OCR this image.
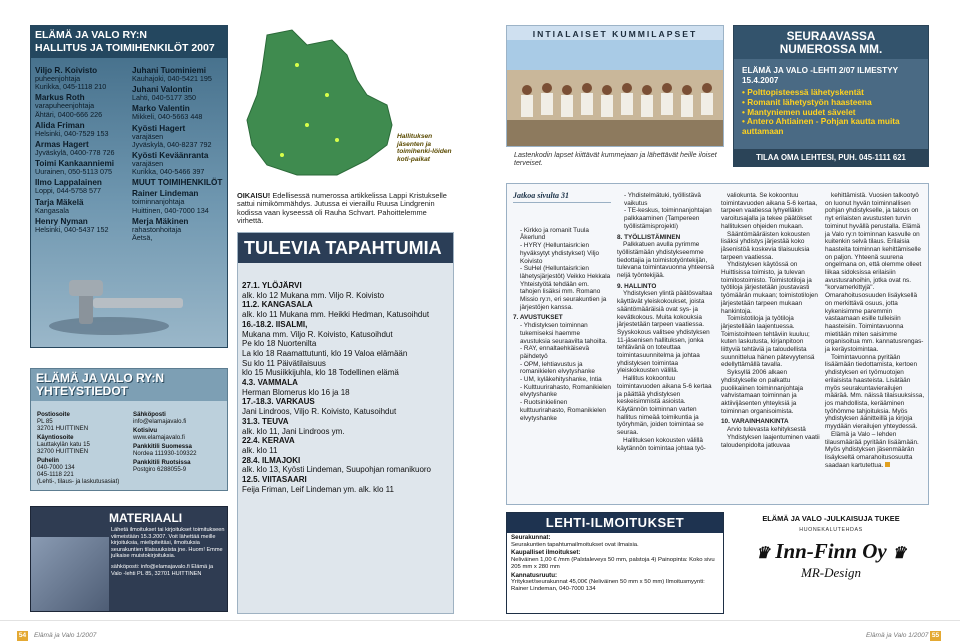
ELÄMÄ JA VALO RY:N
HALLITUS JA TOIMIHENKILÖT 2007
Viljo R. Koivisto
puheenjohtaja
Kurikka, 045-1118 210
Markus Roth
varapuheenjohtaja
Ähtäri, 0400-666 226
Alida Friman
Helsinki, 040-7529 153
Armas Hagert
Jyväskylä, 0400-778 726
Toimi Kankaanniemi
Uurainen, 050-5113 075
Ilmo Lappalainen
Loppi, 044-5758 577
Tarja Mäkelä
Kangasala
Henry Nyman
Helsinki, 040-5437 152
Juhani Tuominiemi
Kauhajoki, 040-5421 195
Juhani Valontin
Lahti, 040-5177 350
Marko Valentin
Mikkeli, 040-5663 448
Kyösti Hagert
varajäsen
Jyväskylä, 040-8237 792
Kyösti Keväänranta
varajäsen
Kurikka, 040-5466 397
MUUT TOIMIHENKILÖT
Rainer Lindeman
toiminnanjohtaja
Huittinen, 040-7000 134
Merja Mäkinen
rahastonhoitaja
Äetsä,
ELÄMÄ JA VALO RY:N
YHTEYSTIEDOT
Postiosoite
PL 85
32701 HUITTINEN
Käyntiosoite
Lauttakylän katu 15
32700 HUITTINEN
Puhelin
040-7000 134
045-1118 221
(Lehti-, tilaus- ja laskutusasiat)
Sähköposti
info@elamajavalo.fi
Kotisivu
www.elamajavalo.fi
Pankkitili Suomessa
Nordea 111930-109322
Pankkitili Ruotsissa
Postgiro 6288055-9
MATERIAALI
Lähetä ilmoitukset tai kirjoitukset toimitukseen viimeistään 15.3.2007. Voit lähettää meille kirjoituksia, mielipiteitäsi, ilmoituksia seurakuntien tilaisuuksista jne. Huom! Emme julkaise muistokirjoituksia.
sähköposti: info@elamajavalo.fi Elämä ja Valo -lehti PL 85, 32701 HUITTINEN
Hallituksen jäsenten ja toimihenki-löiden koti-paikat
OIKAISU! Edellisessä numerossa artikkelissa Lappi Kristukselle sattui nimikömmähdys. Jutussa ei vieraillu Ruusa Lindgrenin kodissa vaan kyseessä oli Rauha Schvart. Pahoittelemme virhettä.
TULEVIA TAPAHTUMIA
27.1. YLÖJÄRVI
alk. klo 12 Mukana mm. Viljo R. Koivisto
11.2. KANGASALA
alk. klo 11 Mukana mm. Heikki Hedman, Katusoihdut
16.-18.2. IISALMI,
Mukana mm. Viljo R. Koivisto, Katusoihdut
Pe klo 18 Nuortenilta
La klo 18 Raamattutunti, klo 19 Valoa elämään
Su klo 11 Päivätilaisuus
klo 15 Musiikkijuhla, klo 18 Todellinen elämä
4.3. VAMMALA
Herman Blomerus klo 16 ja 18
17.-18.3. VARKAUS
Jani Lindroos, Viljo R. Koivisto, Katusoihdut
31.3. TEUVA
alk. klo 11, Jani Lindroos ym.
22.4. KERAVA
alk. klo 11
28.4. ILMAJOKI
alk. klo 13, Kyösti Lindeman, Suupohjan romanikuoro
12.5. VIITASAARI
Feija Friman, Leif Lindeman ym. alk. klo 11
INTIALAISET KUMMILAPSET
Lastenkodin lapset kiittävät kummejaan ja lähettävät heille iloiset terveiset.
SEURAAVASSA
NUMEROSSA MM.
ELÄMÄ JA VALO -LEHTI 2/07 ILMESTYY 15.4.2007
• Polttopisteessä lähetyskentät
• Romanit lähetystyön haasteena
• Mantyniemen uudet sävelet
• Antero Ahtiainen - Pohjan kautta muita auttamaan
TILAA OMA LEHTESI, PUH. 045-1111 621
Jatkoa sivulta 31
- Kirkko ja romanit Tuula Åkerlund
- HYRY (Helluntaisrk:ien hyväksytyt yhdistykset) Viljo Koivisto
- SuHel (Helluntaisrk:ien lähetysjärjestöt) Veikko Hekkala
Yhteistyötä tehdään em. tahojen lisäksi mm. Romano Missio ry:n, eri seurakuntien ja järjestöjen kanssa.
7. AVUSTUKSET
- Yhdistyksen toiminnan tukemiseksi haemme avustuksia seuraavilta tahoilta.
- RAY, ennaltaehkäisevä päihdetyö
- OPM, lehtiavustus ja romanikielen elvytyshanke
- UM, kyläkehityshanke, Intia
- Kulttuurirahasto, Romanikielen elvytyshanke
- Ruotsinkielinen kulttuurirahasto, Romanikielen elvytyshanke
- Yhdistelmätuki, työllistävä vaikutus
- TE-keskus, toiminnanjohtajan palkkaaminen (Tampereen työllistämisprojekti)
8. TYÖLLISTÄMINEN
Palkkatuen avulla pyrimme työllistämään yhdistykseemme tiedottajia ja toimistotyöntekijän, tulevana toimintavuonna yhteensä neljä työntekijää.
9. HALLINTO
Yhdistyksen ylintä päätösvaltaa käyttävät yleiskokoukset, joista sääntömääräisiä ovat sys- ja kevätkokous. Muita kokouksia järjestetään tarpeen vaatiessa. Syyskokous valitsee yhdistyksen 11-jäsenisen hallituksen, jonka tehtävänä on toteuttaa toimintasuunnitelma ja johtaa yhdistyksen toimintaa yleiskokousten välillä.
Hallitus kokoontuu toimintavuoden aikana 5-6 kertaa ja päättää yhdistyksen keskeisimmistä asioista. Käytännön toiminnan varten hallitus nimeää toimikuntia ja työryhmän, joiden toimintaa se seuraa.
Hallituksen kokousten välillä käytännön toimintaa johtaa työ-
valiokunta. Se kokoontuu toimintavuoden aikana 5-6 kertaa, tarpeen vaatiessa lyhyelläkin varoitusajalla ja tekee päätökset hallituksen ohjeiden mukaan.
Sääntömääräisten kokousten lisäksi yhdistys järjestää koko jäsenistöä koskevia tilaisuuksia tarpeen vaatiessa.
Yhdistyksen käytössä on Huittisissa toimisto, ja tulevan toimitostoimisto. Toimistotiloja ja työtiloja järjestetään joustavasti työmäärän mukaan; toimistotilojen järjestetään tarpeen mukaan hankintoja.
Toimistotiloja ja työtiloja järjestellään laajentuessa. Toimistoihteen tehtäviin kuuluu; kuten laskutusta, kirjanpitoon liittyviä tehtäviä ja taloudellista suunnittelua hänen pätevyytensä edellyttämällä tavalla.
Syksyllä 2006 alkaen yhdistykselle on palkattu puolikaiinen toiminnanjohtaja vahvistamaan toiminnan ja aktiivijäsenten yhteyksiä ja toiminnan organisoimista.
10. VARAINHANKINTA
Arvio tulevasta kehityksestä
Yhdistyksen laajentuminen vaatii taloudenpidolta jatkuvaa
kehittämistä. Vuosien talkootyö on luonut hyvän toiminnallisen pohjan yhdistykselle, ja talous on nyt erilaisten avustusten turvin toiminut hyvällä perustalla. Elämä ja Valo ry:n toiminnan kasvulle on kuitenkin selvä tilaus. Erilaisia haasteita toiminnan kehittämiselle on paljon. Yhteenä suurena ongelmana on, että olemme olleet liikaa sidoksissa erilaisiin avustusrahoihin, jotka ovat ns. "korvamerkittyjä". Omarahoitusosuuden lisäyksellä on merkittävä osuus, jotta kykenisimme paremmin vastaamaan esille tulleisiin haasteisiin. Toimintavuonna mietitään miten saisimme organisoitua mm. kannatusrengas- ja keräystoimintaa.
Toimintavuonna pyritään lisäämään tiedottamista, kertoen yhdistyksen eri työmuotojen erilaisista haasteista. Lisätään myös seurakuntavierailujen määrää. Mm. näissä tilaisuuksissa, jos mahdollista, kerääminen työhömme tahjoituksia. Myös yhdistyksen äänitteillä ja kirjoja myydään vierailujen yhteydessä.
Elämä ja Valo – lehden tilausmäärää pyritään lisäämään. Myös yhdistyksen jäsenmäärän lisäykseltä omarahoitusosuutta saadaan kartutettua.
LEHTI-ILMOITUKSET
Seurakunnat:
Seurakuntien tapahtumailmoitukset ovat ilmaisia.
Kaupalliset ilmoitukset:
Neliväinen 1,00 € /mm (Palstaleveys 50 mm, palstoja 4) Painopinta: Koko sivu 205 mm x 280 mm
Kannatusruutu:
Yritykset/seurakunnat 45,00€ (Neliväinen 50 mm x 50 mm) Ilmoitusmyynti: Rainer Lindeman, 040-7000 134
ELÄMÄ JA VALO -JULKAISUJA TUKEE
HUONEKALUTEHDAS
♛ Inn-Finn Oy ♛
MR-Design
54 Elämä ja Valo 1/2007	Elämä ja Valo 1/2007 55
